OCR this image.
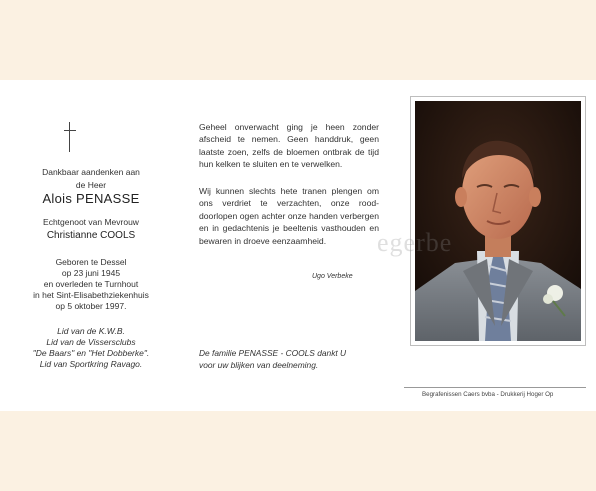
Dankbaar aandenken aan
de Heer
Alois PENASSE
Echtgenoot van Mevrouw
Christianne COOLS
Geboren te Dessel
op 23 juni 1945
en overleden te Turnhout
in het Sint-Elisabethziekenhuis
op 5 oktober 1997.
Lid van de K.W.B.
Lid van de Vissersclubs
"De Baars" en "Het Dobberke".
Lid van Sportkring Ravago.

Geheel onverwacht ging je heen zonder afscheid te nemen. Geen handdruk, geen laatste zoen, zelfs de bloemen ontbrak de tijd hun kelken te sluiten en te verwelken.

Wij kunnen slechts hete tranen plengen om ons verdriet te verzachten, onze rood-doorlopen ogen achter onze handen verbergen en in gedachtenis je beeltenis vasthouden en bewaren in droeve eenzaamheid.

Ugo Verbeke
De familie PENASSE - COOLS dankt U
voor uw blijken van deelneming.
Begrafenissen Caers bvba - Drukkerij Hoger Op
egerbe
